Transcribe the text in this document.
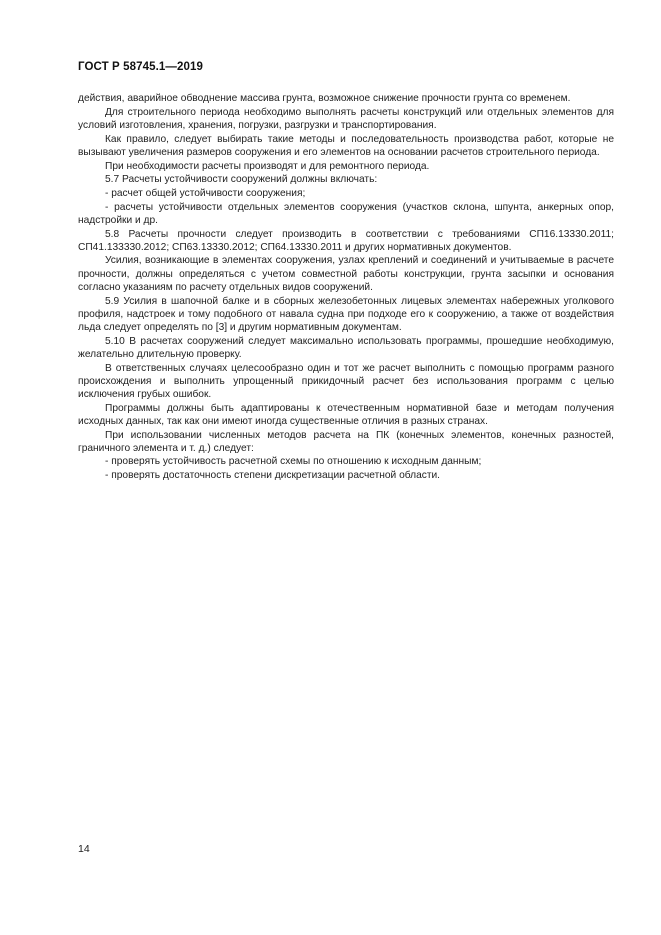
ГОСТ Р 58745.1—2019

действия, аварийное обводнение массива грунта, возможное снижение прочности грунта со временем.

Для строительного периода необходимо выполнять расчеты конструкций или отдельных элементов для условий изготовления, хранения, погрузки, разгрузки и транспортирования.

Как правило, следует выбирать такие методы и последовательность производства работ, которые не вызывают увеличения размеров сооружения и его элементов на основании расчетов строительного периода.

При необходимости расчеты производят и для ремонтного периода.

5.7 Расчеты устойчивости сооружений должны включать:

- расчет общей устойчивости сооружения;

- расчеты устойчивости отдельных элементов сооружения (участков склона, шпунта, анкерных опор, надстройки и др.

5.8 Расчеты прочности следует производить в соответствии с требованиями СП16.13330.2011; СП41.133330.2012; СП63.13330.2012; СП64.13330.2011 и других нормативных документов.

Усилия, возникающие в элементах сооружения, узлах креплений и соединений и учитываемые в расчете прочности, должны определяться с учетом совместной работы конструкции, грунта засыпки и основания согласно указаниям по расчету отдельных видов сооружений.

5.9 Усилия в шапочной балке и в сборных железобетонных лицевых элементах набережных уголкового профиля, надстроек и тому подобного от навала судна при подходе его к сооружению, а также от воздействия льда следует определять по [3] и другим нормативным документам.

5.10 В расчетах сооружений следует максимально использовать программы, прошедшие необходимую, желательно длительную проверку.

В ответственных случаях целесообразно один и тот же расчет выполнить с помощью программ разного происхождения и выполнить упрощенный прикидочный расчет без использования программ с целью исключения грубых ошибок.

Программы должны быть адаптированы к отечественным нормативной базе и методам получения исходных данных, так как они имеют иногда существенные отличия в разных странах.

При использовании численных методов расчета на ПК (конечных элементов, конечных разностей, граничного элемента и т. д.) следует:

- проверять устойчивость расчетной схемы по отношению к исходным данным;

- проверять достаточность степени дискретизации расчетной области.

14
